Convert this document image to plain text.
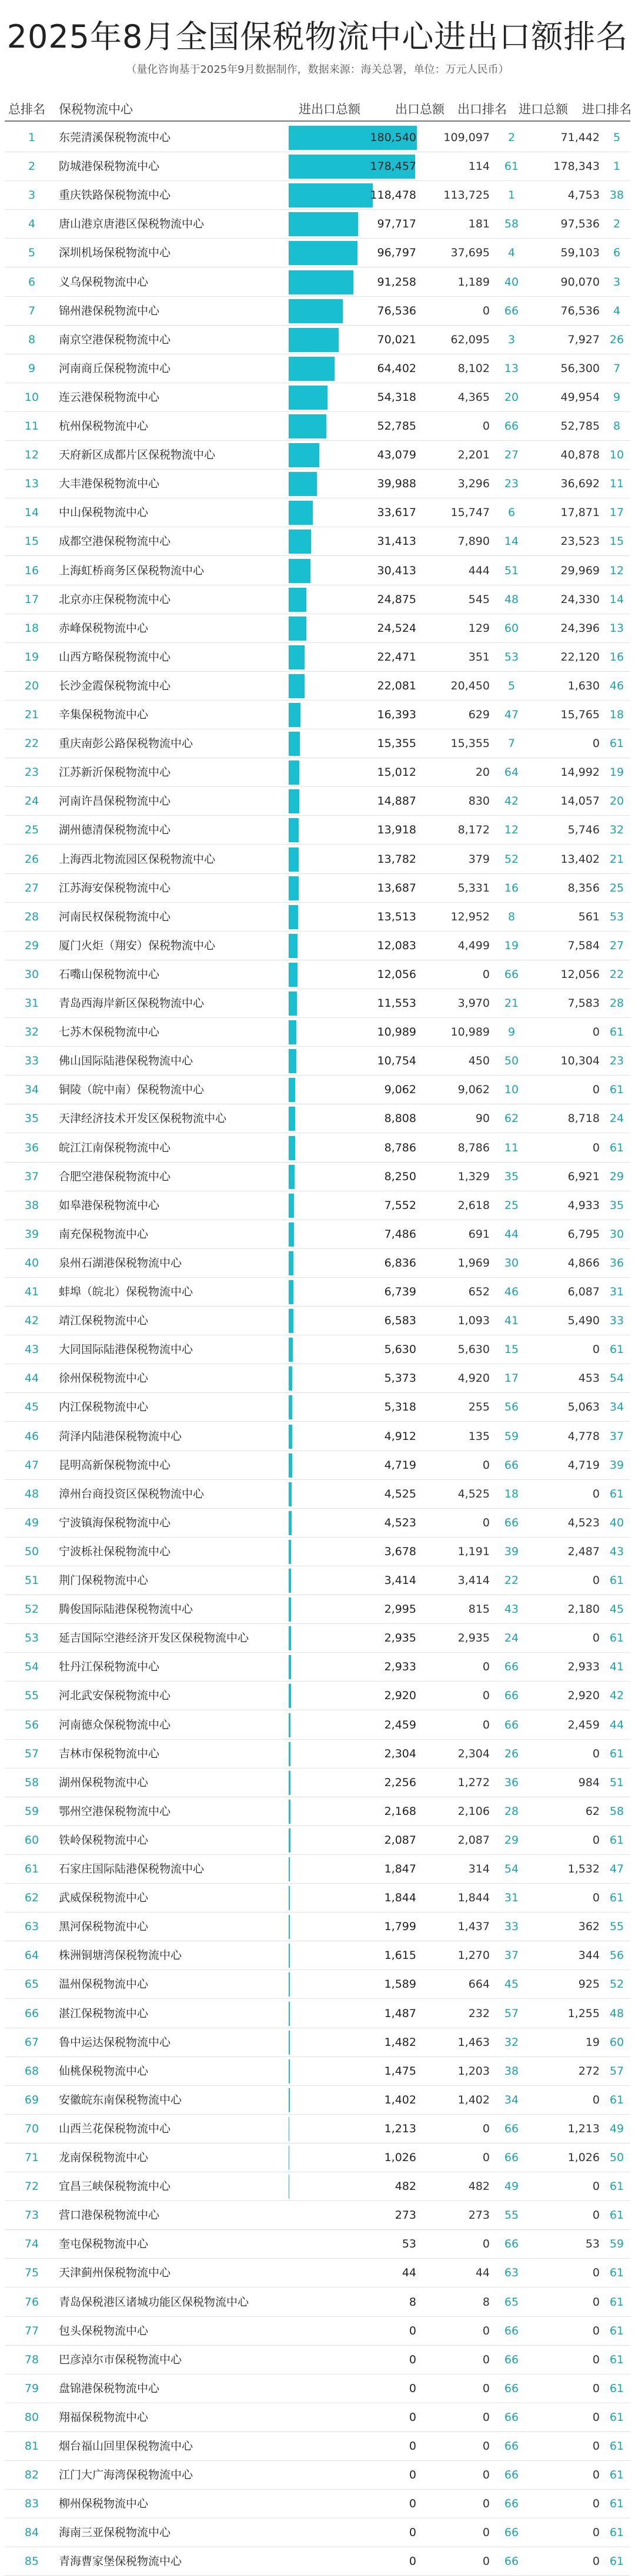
2025年8月全国保税物流中心进出口额排名
（量化咨询基于2025年9月数据制作，数据来源：海关总署，单位：万元人民币）
总排名 保税物流中心	进出口总额	出口总额 出口排名 进口总额 进口排名
1	东莞清溪保税物流中心	180,540	109,097	2	71,442	5
2	防城港保税物流中心	178,457	114	61	178,343	1
3	重庆铁路保税物流中心	118,478	113,725	1	4,753 38
4	唐山港京唐港区保税物流中心	97,717	181	58	97,536	2
5	深圳机场保税物流中心	96,797	37,695	4	59,103	6
6	义乌保税物流中心	91,258	1,189	40	90,070	3
7	锦州港保税物流中心	76,536	0	66	76,536	4
8	南京空港保税物流中心	70,021	62,095	3	7,927 26
9	河南商丘保税物流中心	64,402	8,102	13	56,300	7
10	连云港保税物流中心	54,318	4,365	20	49,954	9
11	杭州保税物流中心	52,785	0	66	52,785	8
12	天府新区成都片区保税物流中心	43,079	2,201	27	40,878 10
13	大丰港保税物流中心	39,988	3,296	23	36,692 11
14	中山保税物流中心	33,617	15,747	6	17,871 17
15	成都空港保税物流中心	31,413	7,890	14	23,523 15
16	上海虹桥商务区保税物流中心	30,413	444	51	29,969 12
17	北京亦庄保税物流中心	24,875	545	48	24,330 14
18	赤峰保税物流中心	24,524	129	60	24,396 13
19	山西方略保税物流中心	22,471	351	53	22,120 16
20	长沙金霞保税物流中心	22,081	20,450	5	1,630 46
21	辛集保税物流中心	16,393	629	47	15,765 18
22	重庆南彭公路保税物流中心	15,355	15,355	7	0 61
23	江苏新沂保税物流中心	15,012	20	64	14,992 19
24	河南许昌保税物流中心	14,887	830	42	14,057 20
25	湖州德清保税物流中心	13,918	8,172	12	5,746 32
26	上海西北物流园区保税物流中心	13,782	379	52	13,402 21
27	江苏海安保税物流中心	13,687	5,331	16	8,356 25
28	河南民权保税物流中心	13,513	12,952	8	561 53
29	厦门火炬（翔安）保税物流中心	12,083	4,499	19	7,584 27
30	石嘴山保税物流中心	12,056	0	66	12,056 22
31	青岛西海岸新区保税物流中心	11,553	3,970	21	7,583 28
32	七苏木保税物流中心	10,989	10,989	9	0 61
33	佛山国际陆港保税物流中心	10,754	450	50	10,304 23
34	铜陵（皖中南）保税物流中心	9,062	9,062	10	0 61
35	天津经济技术开发区保税物流中心	8,808	90	62	8,718 24
36	皖江江南保税物流中心	8,786	8,786	11	0 61
37	合肥空港保税物流中心	8,250	1,329	35	6,921 29
38	如皋港保税物流中心	7,552	2,618	25	4,933 35
39	南充保税物流中心	7,486	691	44	6,795 30
40	泉州石湖港保税物流中心	6,836	1,969	30	4,866 36
41	蚌埠（皖北）保税物流中心	6,739	652	46	6,087 31
42	靖江保税物流中心	6,583	1,093	41	5,490 33
43	大同国际陆港保税物流中心	5,630	5,630	15	0 61
44	徐州保税物流中心	5,373	4,920	17	453 54
45	内江保税物流中心	5,318	255	56	5,063 34
46	菏泽内陆港保税物流中心	4,912	135	59	4,778 37
47	昆明高新保税物流中心	4,719	0	66	4,719 39
48	漳州台商投资区保税物流中心	4,525	4,525	18	0 61
49	宁波镇海保税物流中心	4,523	0	66	4,523 40
50	宁波栎社保税物流中心	3,678	1,191	39	2,487 43
51	荆门保税物流中心	3,414	3,414	22	0 61
52	腾俊国际陆港保税物流中心	2,995	815	43	2,180 45
53	延吉国际空港经济开发区保税物流中心	2,935	2,935	24	0 61
54	牡丹江保税物流中心	2,933	0	66	2,933 41
55	河北武安保税物流中心	2,920	0	66	2,920 42
56	河南德众保税物流中心	2,459	0	66	2,459 44
57	吉林市保税物流中心	2,304	2,304	26	0 61
58	湖州保税物流中心	2,256	1,272	36	984 51
59	鄂州空港保税物流中心	2,168	2,106	28	62 58
60	铁岭保税物流中心	2,087	2,087	29	0 61
61	石家庄国际陆港保税物流中心	1,847	314	54	1,532 47
62	武威保税物流中心	1,844	1,844	31	0 61
63	黑河保税物流中心	1,799	1,437	33	362 55
64	株洲铜塘湾保税物流中心	1,615	1,270	37	344 56
65	温州保税物流中心	1,589	664	45	925 52
66	湛江保税物流中心	1,487	232	57	1,255 48
67	鲁中运达保税物流中心	1,482	1,463	32	19 60
68	仙桃保税物流中心	1,475	1,203	38	272 57
69	安徽皖东南保税物流中心	1,402	1,402	34	0 61
70	山西兰花保税物流中心	1,213	0	66	1,213 49
71	龙南保税物流中心	1,026	0	66	1,026 50
72	宜昌三峡保税物流中心	482	482	49	0 61
73	营口港保税物流中心	273	273	55	0 61
74	奎屯保税物流中心	53	0	66	53 59
75	天津蓟州保税物流中心	44	44	63	0 61
76	青岛保税港区诸城功能区保税物流中心	8	8	65	0 61
77	包头保税物流中心	0	0	66	0 61
78	巴彦淖尔市保税物流中心	0	0	66	0 61
79	盘锦港保税物流中心	0	0	66	0 61
80	翔福保税物流中心	0	0	66	0 61
81	烟台福山回里保税物流中心	0	0	66	0 61
82	江门大广海湾保税物流中心	0	0	66	0 61
83	柳州保税物流中心	0	0	66	0 61
84	海南三亚保税物流中心	0	0	66	0 61
85	青海曹家堡保税物流中心	0	0	66	0 61
